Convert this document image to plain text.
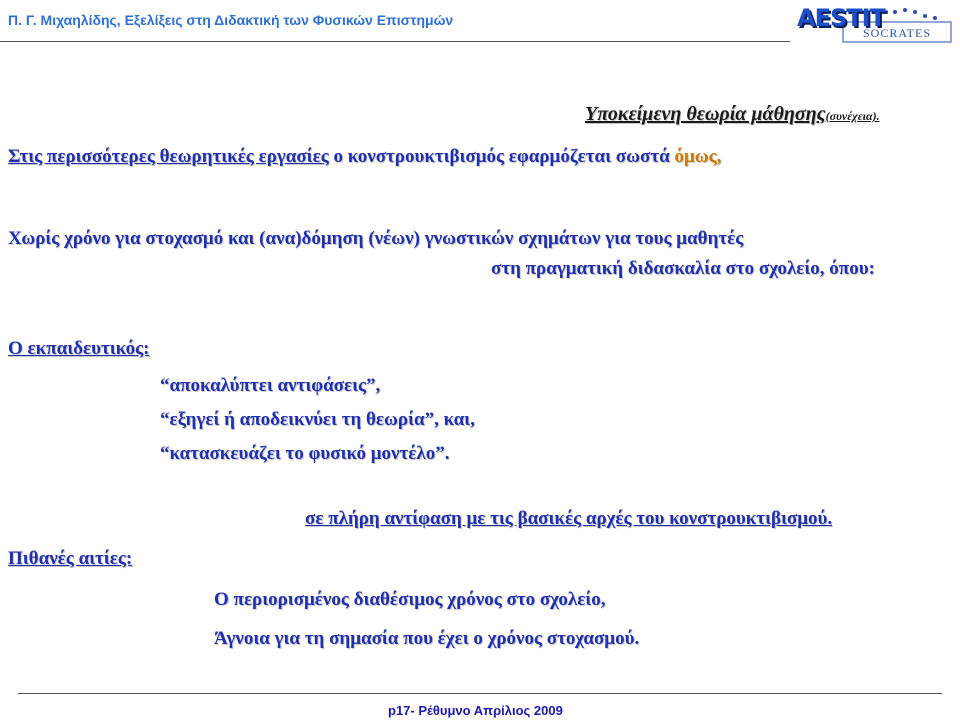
Π. Γ. Μιχαηλίδης, Εξελίξεις στη Διδακτική των Φυσικών Επιστημών	AESTIT
SOCRATES
Υποκείμενη θεωρία μάθησης(συνέχεια).
Στις περισσότερες θεωρητικές εργασίες ο κονστρουκτιβισμός εφαρμόζεται σωστά όμως,
Χωρίς χρόνο για στοχασμό και (ανα)δόμηση (νέων) γνωστικών σχημάτων για τους μαθητές
στη πραγματική διδασκαλία στο σχολείο, όπου:
Ο εκπαιδευτικός:
“αποκαλύπτει αντιφάσεις”,
“εξηγεί ή αποδεικνύει τη θεωρία”, και,
“κατασκευάζει το φυσικό μοντέλο”.
σε πλήρη αντίφαση με τις βασικές αρχές του κονστρουκτιβισμού.
Πιθανές αιτίες:
Ο περιορισμένος διαθέσιμος χρόνος στο σχολείο,
Άγνοια για τη σημασία που έχει ο χρόνος στοχασμού.
p17- Ρέθυμνο Απρίλιος 2009
